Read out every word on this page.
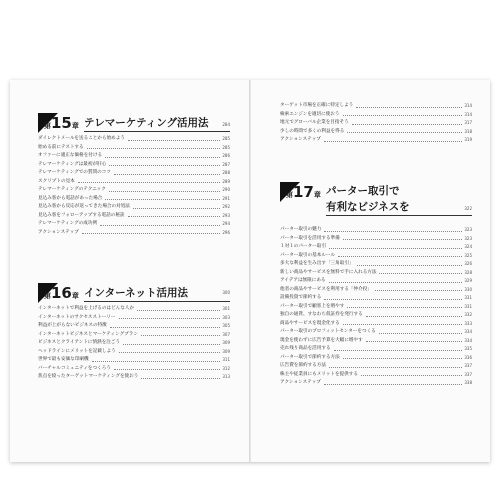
第15章 テレマーケティング活用法	284
ダイレクトメールを送ることから始めよう	285
始める前にテストする	285
オファーに適正な価格を付ける	286
テレマーケティングは最初が肝心	287
テレマーケティングでの質問のコツ	288
スクリプトの見本	289
テレマーケティングのテクニック	290
見込み客から電話があった場合	291
見込み客から反応が返ってきた場合の対処法	292
見込み客をフォローアップする電話の秘訣	293
テレマーケティングの成功例	294
アクションステップ	296
第16章 インターネット活用法	300
インターネットで利益を上げるのはどんな人か	301
インターネットのサクセスストーリー	303
利益が上がらないビジネスの特徴	305
インターネットビジネスとマーケティングプラン	307
ビジネスとクライアントに情熱を注ごう	309
ヘッドラインにメリットを記載しよう	309
世界で最も安価な印刷機	311
バーチャルコミュニティをつくろう	312
焦点を絞ったターゲットマーケティングを使おう	313
ターゲット市場を正確に特定しよう	314
検索エンジンを適切に使おう	314
地元でグローバル企業を目指そう	317
少しの時間で多くの利益を得る	318
アクションステップ	319
第17章 パーター取引で
有利なビジネスを	322
パーター取引の魅力	323
パーター取引を活用する準備	323
１対１のパーター取引	324
パーター取引の基本ルール	325
多大な利益を生み出す「三角取引」	326
新しい商品やサービスを無料で手に入れる方法	328
アイデアは無限にある	329
他者の商品やサービスを利用する「仲介役」	330
設備投資で節約する	331
パーター取引で顧客上を増やす	331
独自の通貨、すなわち仮証券を発行する	332
商品やサービスを現金化する	333
パーター取引のプロフィットセンターをつくる	334
現金を使わずに広告予算を大幅に増やす	334
売れ残り商品を活用する	335
パーター取引で節約する方法	336
広告費を節約する方法	337
株主や従業員にもメリットを提供する	337
アクションステップ	338
